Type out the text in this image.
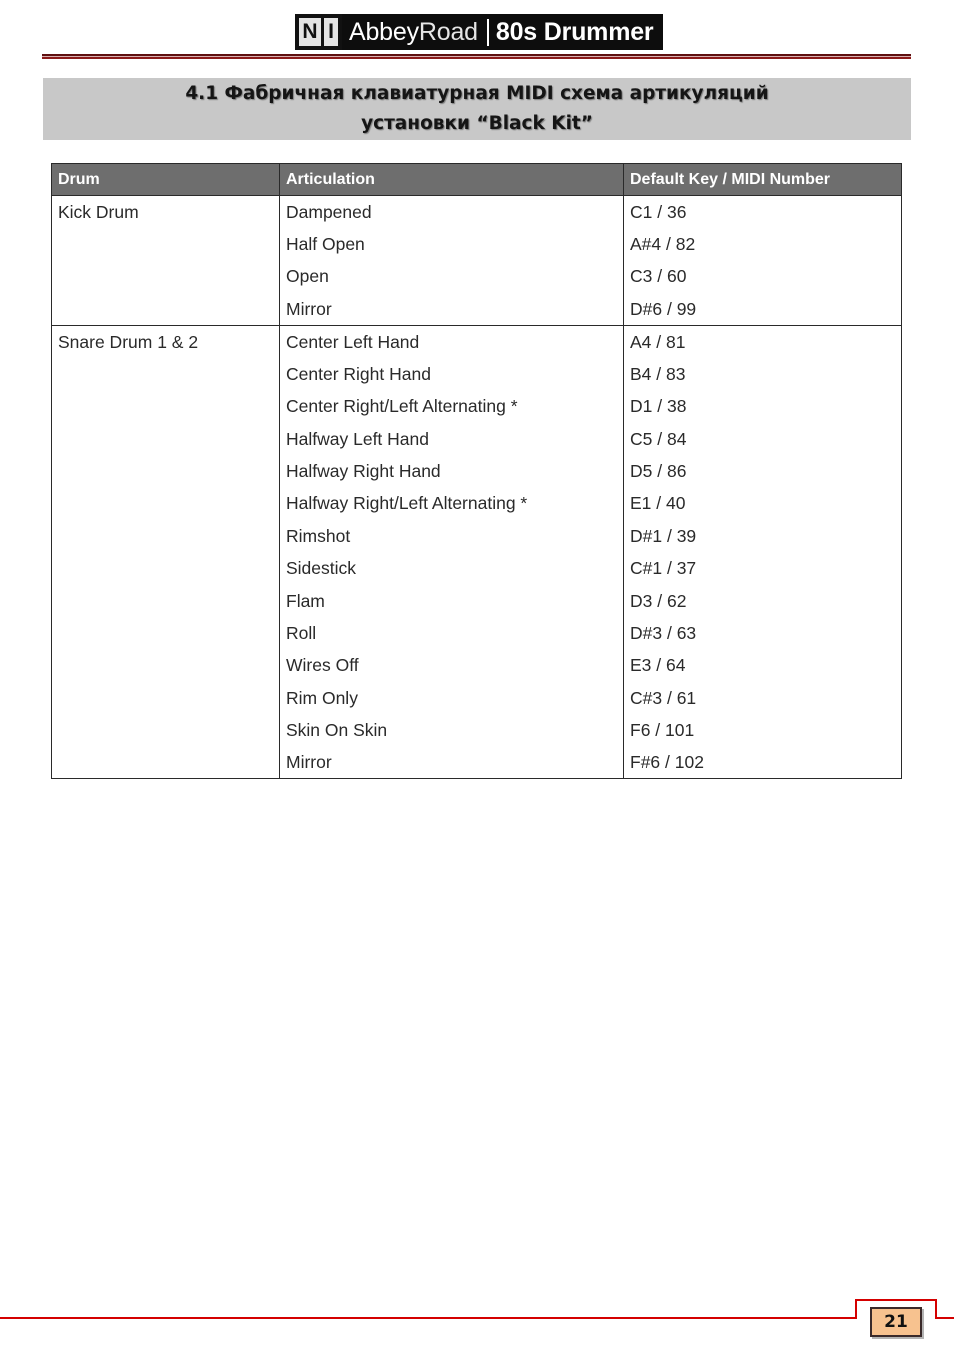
N I Abbey Road 80s Drummer
4.1 Фабричная клавиатурная MIDI схема артикуляций
установки “Black Kit”
Drum	Articulation	Default Key / MIDI Number
Kick Drum	Dampened	C1 / 36
	Half Open	A#4 / 82
	Open	C3 / 60
	Mirror	D#6 / 99
Snare Drum 1 & 2	Center Left Hand	A4 / 81
	Center Right Hand	B4 / 83
	Center Right/Left Alternating *	D1 / 38
	Halfway Left Hand	C5 / 84
	Halfway Right Hand	D5 / 86
	Halfway Right/Left Alternating *	E1 / 40
	Rimshot	D#1 / 39
	Sidestick	C#1 / 37
	Flam	D3 / 62
	Roll	D#3 / 63
	Wires Off	E3 / 64
	Rim Only	C#3 / 61
	Skin On Skin	F6 / 101
	Mirror	F#6 / 102
21
